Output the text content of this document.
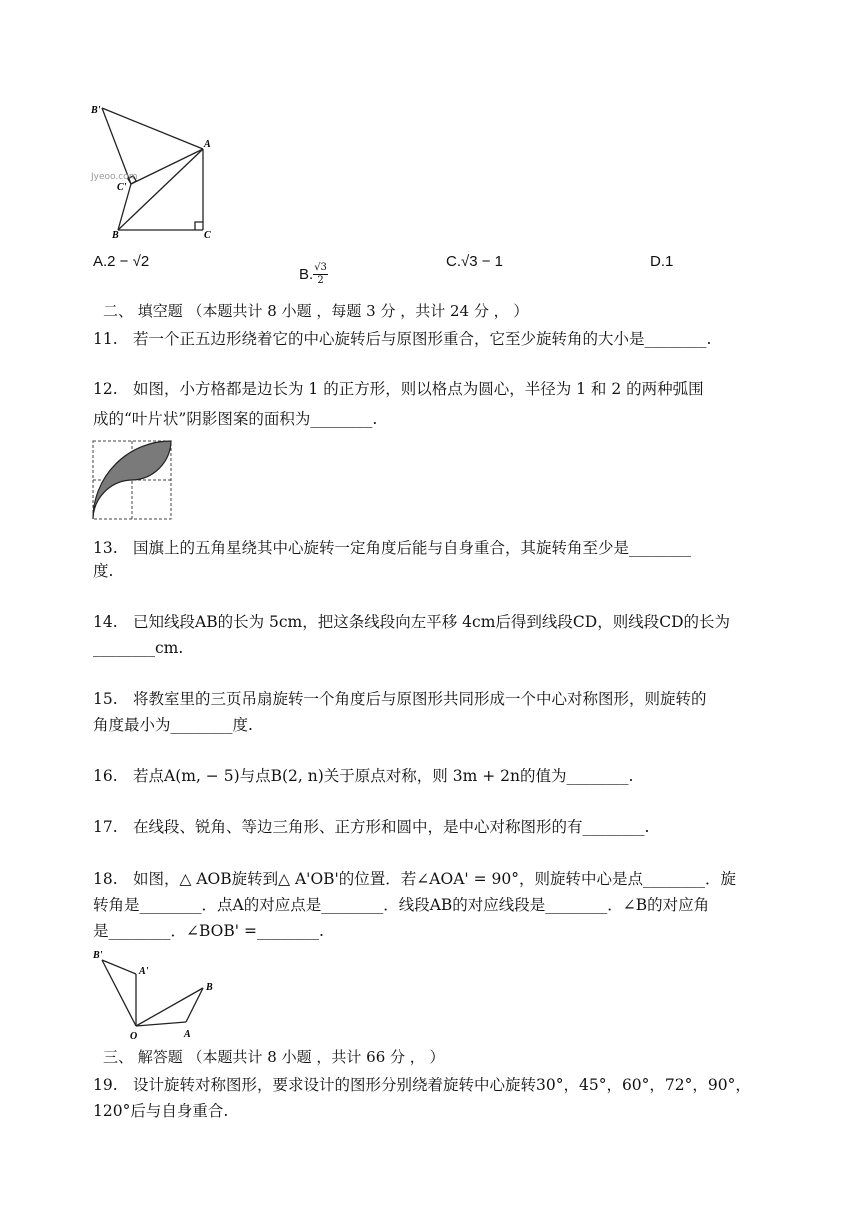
B'
A
C'
B	C
Jyeoo.com
A.2 − √2
B. $\frac{√3}{2}$
C.√3 − 1	D.1
二、 填空题 （本题共计 8 小题 ，每题 3 分 ，共计 24 分 ， ）
11. 若一个正五边形绕着它的中心旋转后与原图形重合，它至少旋转角的大小是________.
12. 如图，小方格都是边长为 1 的正方形，则以格点为圆心，半径为 1 和 2 的两种弧围
成的“叶片状”阴影图案的面积为________.
13. 国旗上的五角星绕其中心旋转一定角度后能与自身重合，其旋转角至少是________
度.
14. 已知线段AB的长为 5cm，把这条线段向左平移 4cm后得到线段CD，则线段CD的长为
________cm.
15. 将教室里的三页吊扇旋转一个角度后与原图形共同形成一个中心对称图形，则旋转的
角度最小为________度.
16. 若点A(m, − 5)与点B(2, n)关于原点对称，则 3m + 2n的值为________.
17. 在线段、锐角、等边三角形、正方形和圆中，是中心对称图形的有________.
18. 如图，△ AOB旋转到△ A'OB'的位置．若∠AOA' = 90°，则旋转中心是点________．旋
转角是________．点A的对应点是________．线段AB的对应线段是________．∠B的对应角
是________．∠BOB' =________.
B'
A'
B
O	A
三、 解答题 （本题共计 8 小题 ，共计 66 分 ， ）
19. 设计旋转对称图形，要求设计的图形分别绕着旋转中心旋转30°，45°，60°，72°，90°，
120°后与自身重合.
